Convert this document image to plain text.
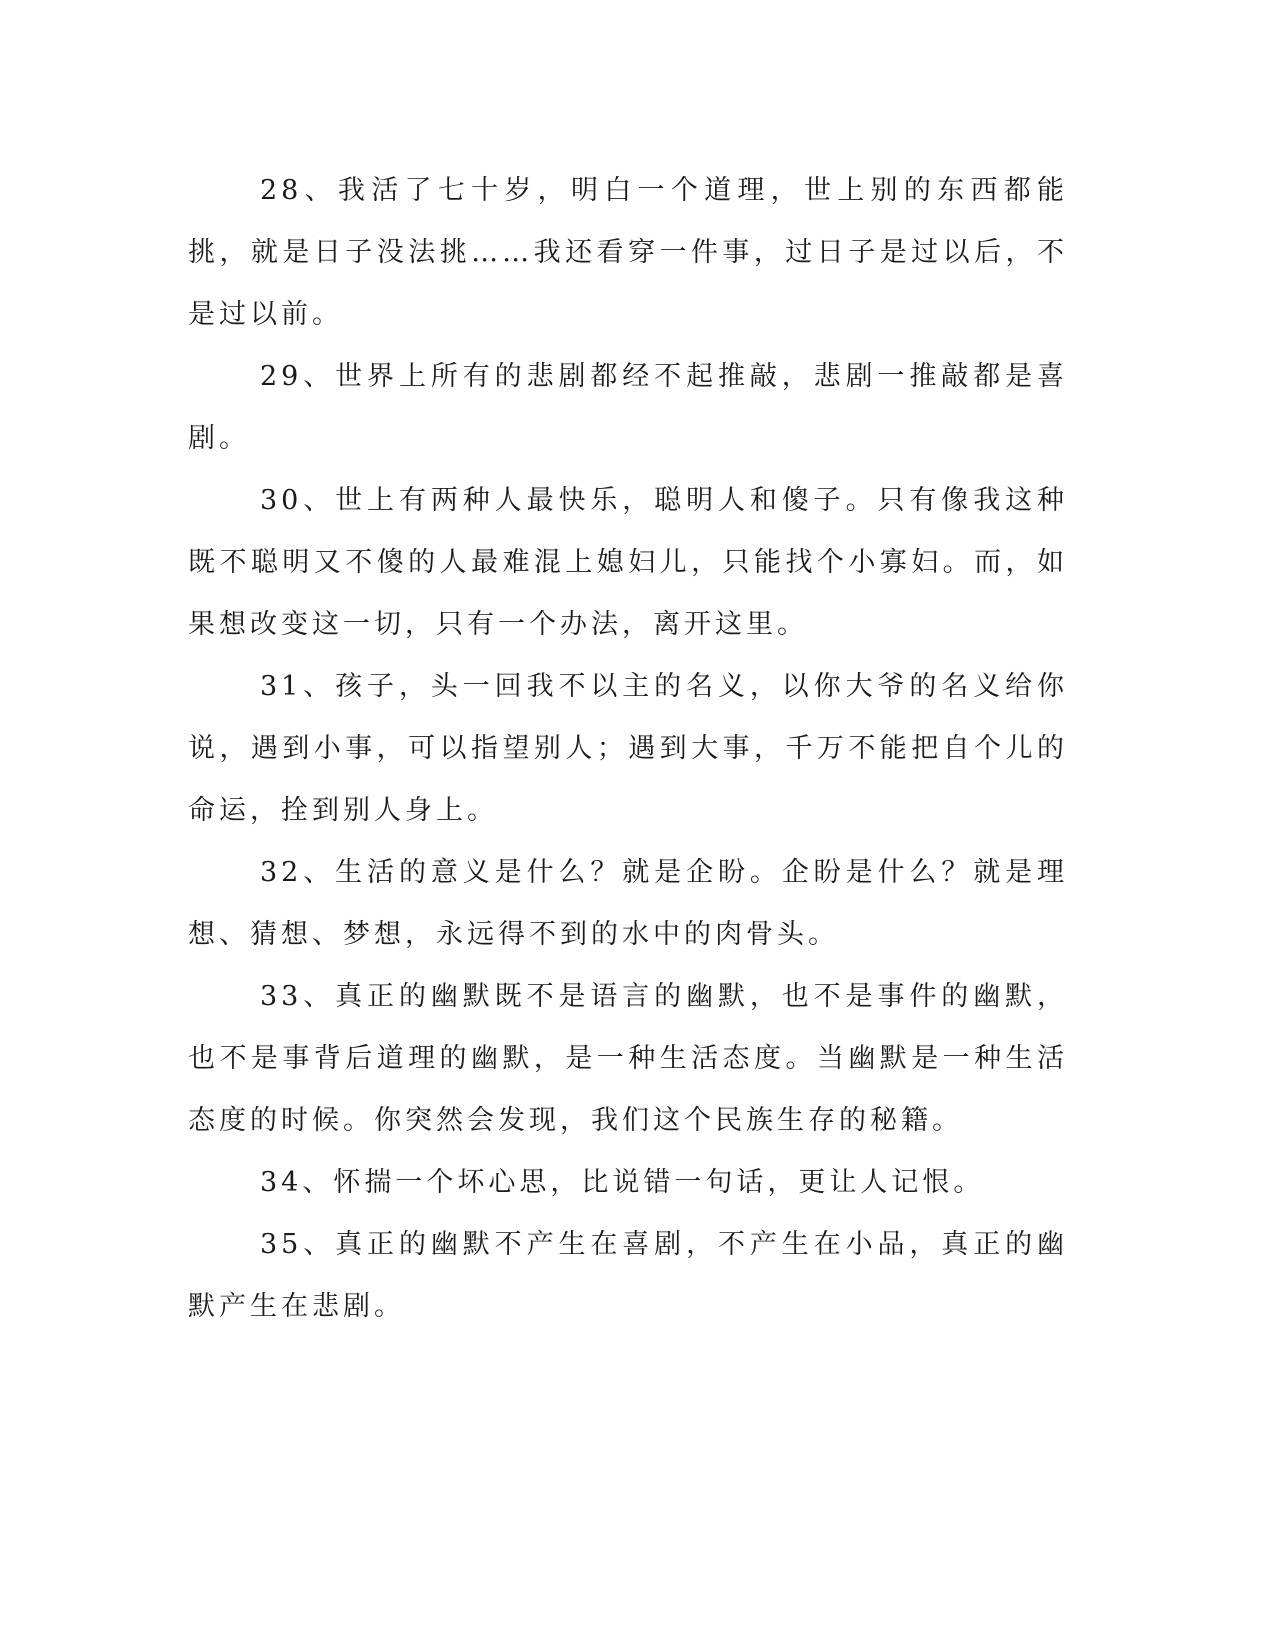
28、我活了七十岁，明白一个道理，世上别的东西都能挑，就是日子没法挑……我还看穿一件事，过日子是过以后，不是过以前。

29、世界上所有的悲剧都经不起推敲，悲剧一推敲都是喜剧。

30、世上有两种人最快乐，聪明人和傻子。只有像我这种既不聪明又不傻的人最难混上媳妇儿，只能找个小寡妇。而，如果想改变这一切，只有一个办法，离开这里。

31、孩子，头一回我不以主的名义，以你大爷的名义给你说，遇到小事，可以指望别人；遇到大事，千万不能把自个儿的命运，拴到别人身上。

32、生活的意义是什么？就是企盼。企盼是什么？就是理想、猜想、梦想，永远得不到的水中的肉骨头。

33、真正的幽默既不是语言的幽默，也不是事件的幽默，也不是事背后道理的幽默，是一种生活态度。当幽默是一种生活态度的时候。你突然会发现，我们这个民族生存的秘籍。

34、怀揣一个坏心思，比说错一句话，更让人记恨。

35、真正的幽默不产生在喜剧，不产生在小品，真正的幽默产生在悲剧。
